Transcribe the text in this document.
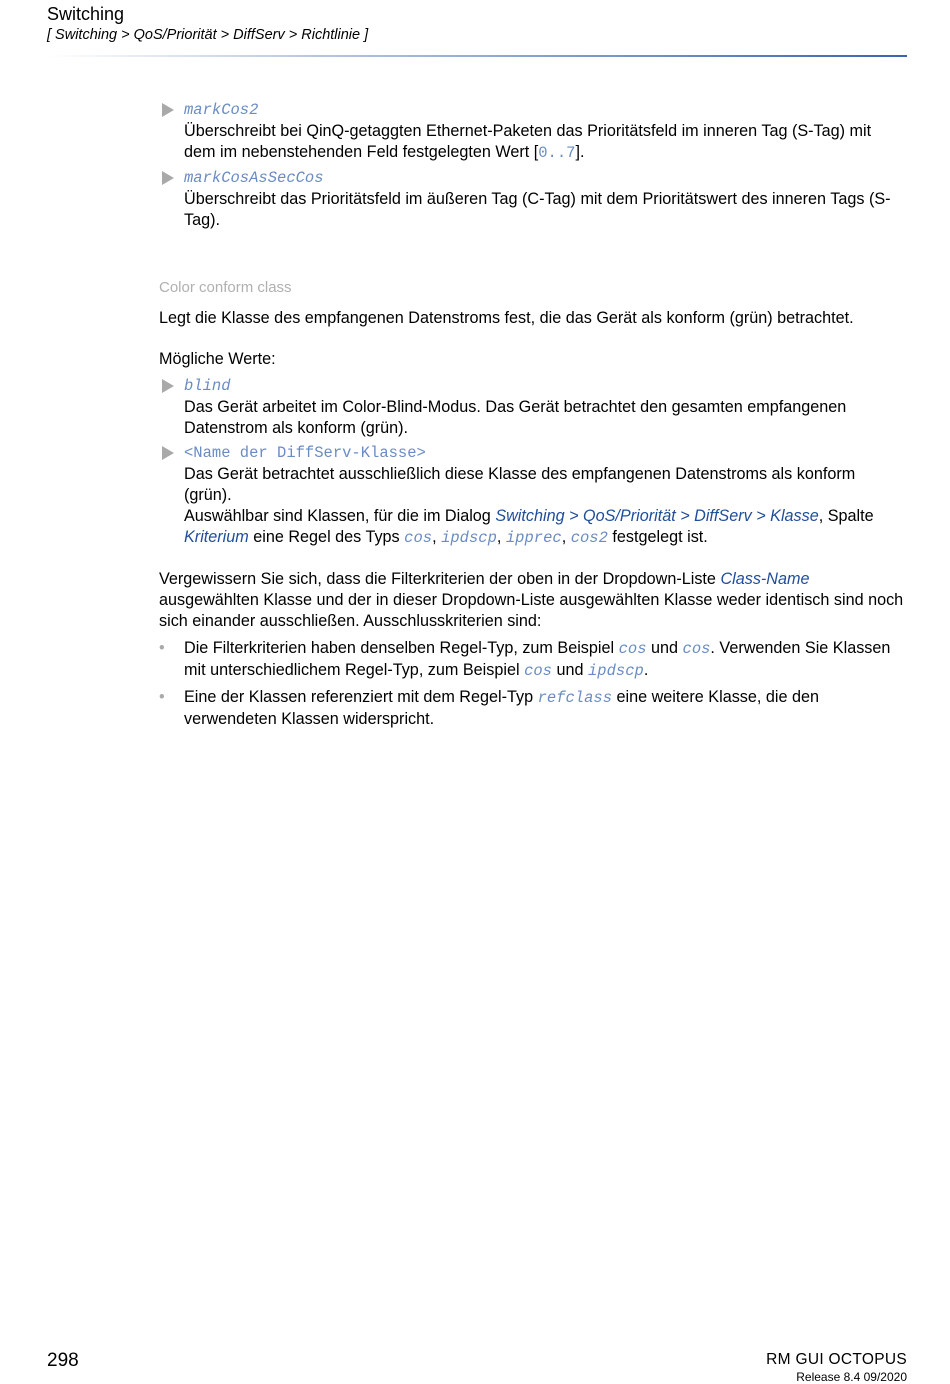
Switching
[ Switching > QoS/Priorität > DiffServ > Richtlinie ]
markCos2

Überschreibt bei QinQ-getaggten Ethernet-Paketen das Prioritätsfeld im inneren Tag (S-Tag) mit dem im nebenstehenden Feld festgelegten Wert [0..7].

markCosAsSecCos

Überschreibt das Prioritätsfeld im äußeren Tag (C-Tag) mit dem Prioritätswert des inneren Tags (S-Tag).

Color conform class

Legt die Klasse des empfangenen Datenstroms fest, die das Gerät als konform (grün) betrachtet.

Mögliche Werte:

blind

Das Gerät arbeitet im Color-Blind-Modus. Das Gerät betrachtet den gesamten empfangenen Datenstrom als konform (grün).

<Name der DiffServ-Klasse>

Das Gerät betrachtet ausschließlich diese Klasse des empfangenen Datenstroms als konform (grün).

Auswählbar sind Klassen, für die im Dialog Switching > QoS/Priorität > DiffServ > Klasse, Spalte Kriterium eine Regel des Typs cos, ipdscp, ipprec, cos2 festgelegt ist.

Vergewissern Sie sich, dass die Filterkriterien der oben in der Dropdown-Liste Class-Name ausgewählten Klasse und der in dieser Dropdown-Liste ausgewählten Klasse weder identisch sind noch sich einander ausschließen. Ausschlusskriterien sind:

• Die Filterkriterien haben denselben Regel-Typ, zum Beispiel cos und cos. Verwenden Sie Klassen mit unterschiedlichem Regel-Typ, zum Beispiel cos und ipdscp.

• Eine der Klassen referenziert mit dem Regel-Typ refclass eine weitere Klasse, die den verwendeten Klassen widerspricht.

298	RM GUI OCTOPUS
Release 8.4 09/2020
